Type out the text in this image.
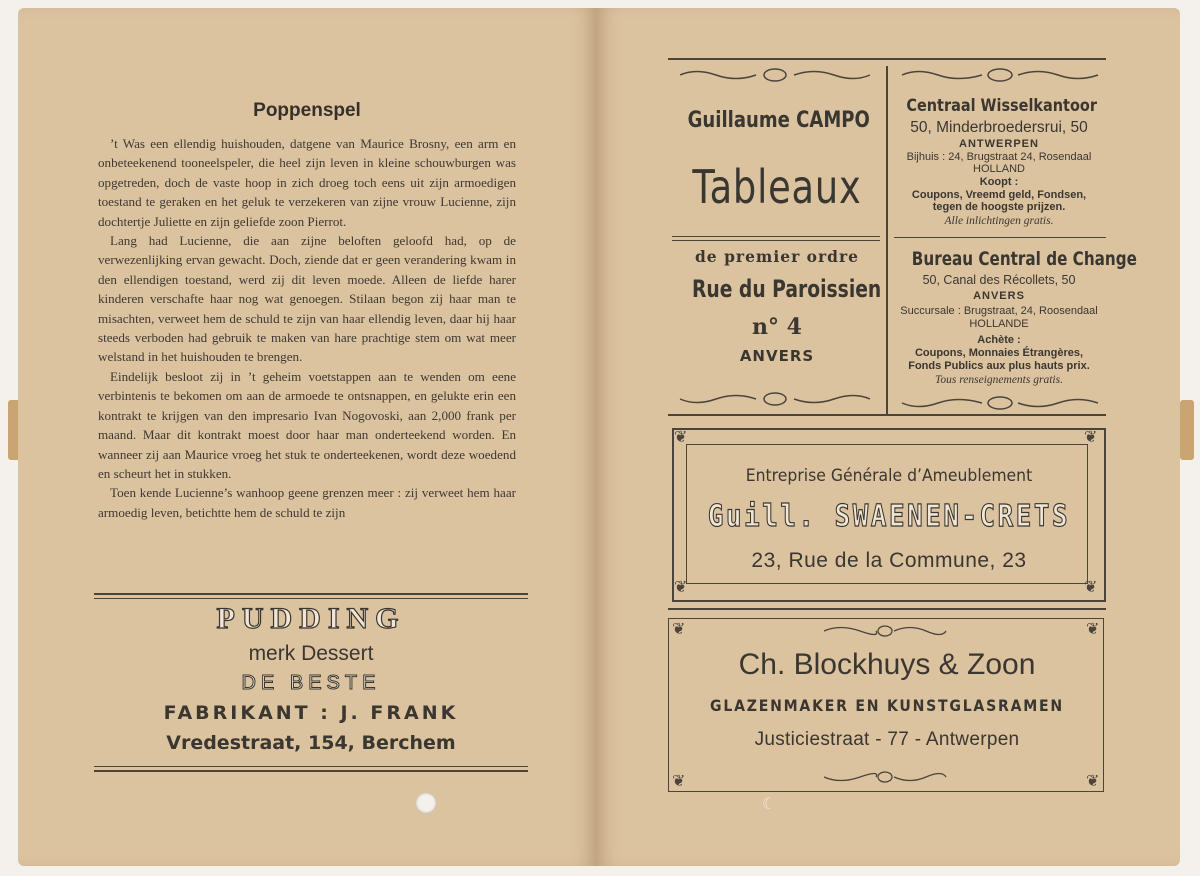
Poppenspel

’t Was een ellendig huishouden, datgene van Maurice Brosny, een arm en onbeteekenend tooneelspeler, die heel zijn leven in kleine schouwburgen was opgetreden, doch de vaste hoop in zich droeg toch eens uit zijn armoedigen toestand te geraken en het geluk te verzekeren van zijne vrouw Lucienne, zijn dochtertje Juliette en zijn geliefde zoon Pierrot.

Lang had Lucienne, die aan zijne beloften geloofd had, op de verwezenlijking ervan gewacht. Doch, ziende dat er geen verandering kwam in den ellendigen toestand, werd zij dit leven moede. Alleen de liefde harer kinderen verschafte haar nog wat genoegen. Stilaan begon zij haar man te misachten, verweet hem de schuld te zijn van haar ellendig leven, daar hij haar steeds verboden had gebruik te maken van hare prachtige stem om wat meer welstand in het huishouden te brengen.

Eindelijk besloot zij in ’t geheim voetstappen aan te wenden om eene verbintenis te bekomen om aan de armoede te ontsnappen, en gelukte erin een kontrakt te krijgen van den impresario Ivan Nogovoski, aan 2,000 frank per maand. Maar dit kontrakt moest door haar man onderteekend worden. En wanneer zij aan Maurice vroeg het stuk te onderteekenen, wordt deze woedend en scheurt het in stukken.

Toen kende Lucienne’s wanhoop geene grenzen meer : zij verweet hem haar armoedig leven, betichtte hem de schuld te zijn

PUDDING
merk Dessert
DE BESTE
FABRIKANT : J. FRANK
Vredestraat, 154, Berchem
☾
Guillaume CAMPO
Tableaux
de premier ordre
Rue du Paroissien
n° 4
ANVERS
Centraal Wisselkantoor
50, Minderbroedersrui, 50
ANTWERPEN
Bijhuis : 24, Brugstraat 24, Rosendaal
HOLLAND
Koopt :
Coupons, Vreemd geld, Fondsen,
tegen de hoogste prijzen.
Alle inlichtingen gratis.
Bureau Central de Change
50, Canal des Récollets, 50
ANVERS
Succursale : Brugstraat, 24, Roosendaal
HOLLANDE
Achète :
Coupons, Monnaies Étrangères,
Fonds Publics aux plus hauts prix.
Tous renseignements gratis.
❦	❦
❦	❦
Entreprise Générale d’Ameublement
Guill. SWAENEN-CRETS
23, Rue de la Commune, 23
❦	❦
❦	❦
Ch. Blockhuys & Zoon
GLAZENMAKER EN KUNSTGLASRAMEN
Justiciestraat - 77 - Antwerpen
